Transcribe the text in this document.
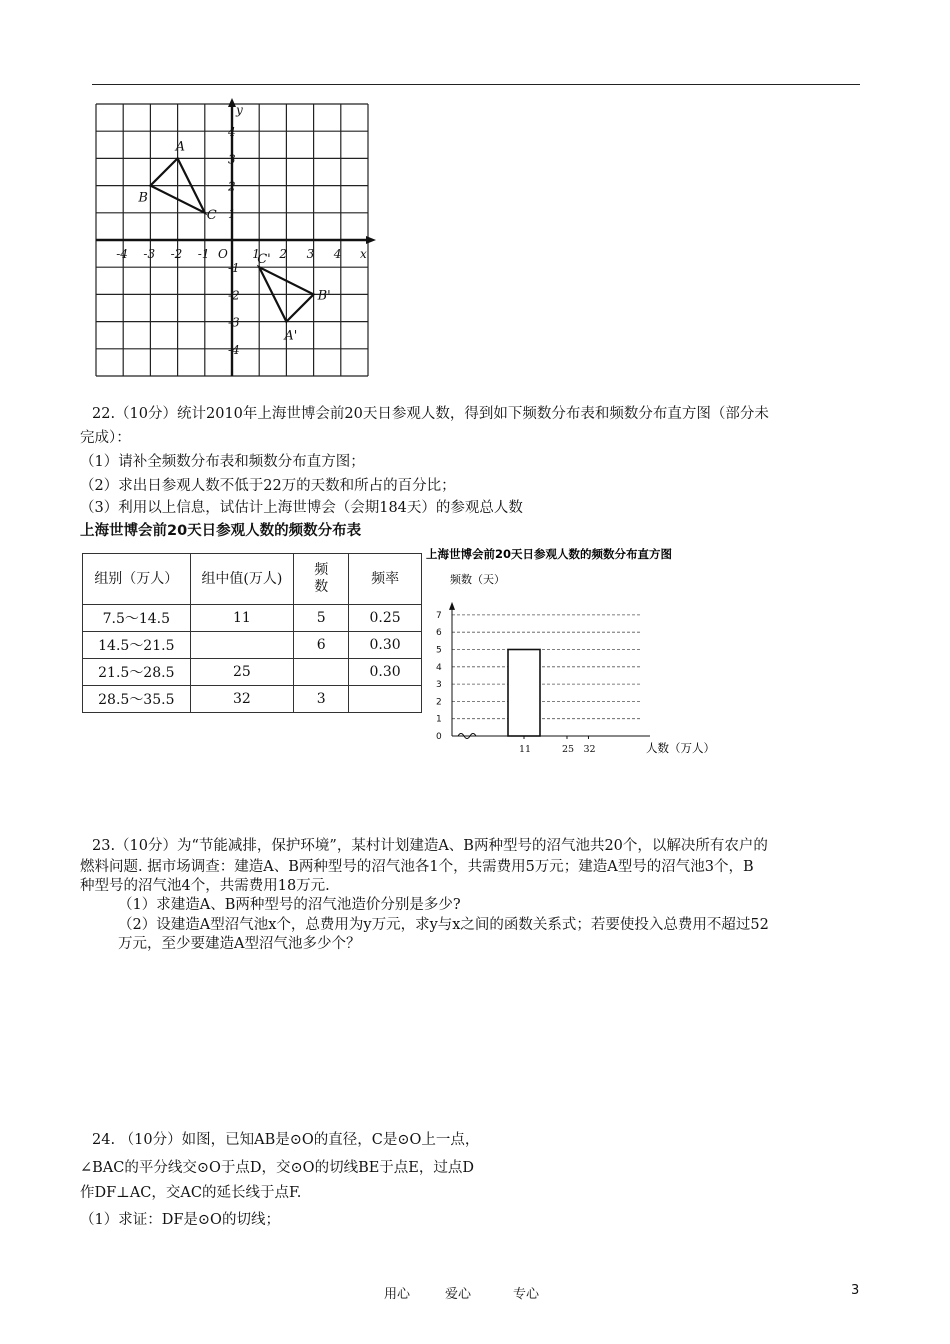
x
y
O
-4 -3 -2 -1	1 2 3 4
4
3
2
1
-1
-2
-3
-4
A
B
C
A'
B'
C'
22.（10分）统计2010年上海世博会前20天日参观人数，得到如下频数分布表和频数分布直方图（部分未
完成）：
（1）请补全频数分布表和频数分布直方图；
（2）求出日参观人数不低于22万的天数和所占的百分比；
（3）利用以上信息，试估计上海世博会（会期184天）的参观总人数
上海世博会前20天日参观人数的频数分布表
组别（万人）	组中值(万人)	频数	频率
7.5～14.5	11	5	0.25
14.5～21.5		6	0.30
21.5～28.5	25		0.30
28.5～35.5	32	3	
上海世博会前20天日参观人数的频数分布直方图
频数（天）
0
1
2
3
4
5
6
7
11	25 32	人数（万人）
23.（10分）为“节能减排，保护环境”，某村计划建造A、B两种型号的沼气池共20个，以解决所有农户的
燃料问题. 据市场调查：建造A、B两种型号的沼气池各1个，共需费用5万元；建造A型号的沼气池3个，B
种型号的沼气池4个，共需费用18万元.
（1）求建造A、B两种型号的沼气池造价分别是多少?
（2）设建造A型沼气池x个，总费用为y万元，求y与x之间的函数关系式；若要使投入总费用不超过52
万元，至少要建造A型沼气池多少个？
24. （10分）如图，已知AB是⊙O的直径，C是⊙O上一点，
∠BAC的平分线交⊙O于点D，交⊙O的切线BE于点E，过点D
作DF⊥AC，交AC的延长线于点F.
（1）求证：DF是⊙O的切线；
用心	爱心	专心	3
